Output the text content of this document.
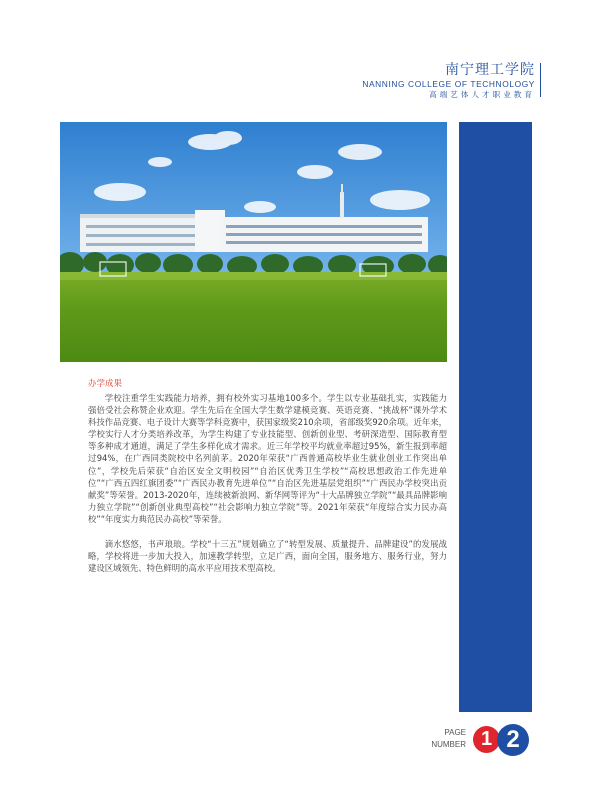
南宁理工学院
NANNING COLLEGE OF TECHNOLOGY
高端艺体人才职业教育
办学成果

学校注重学生实践能力培养，拥有校外实习基地100多个。学生以专业基础扎实，实践能力强倍受社会称赞企业欢迎。学生先后在全国大学生数学建模竞赛、英语竞赛、“挑战杯”课外学术科技作品竞赛、电子设计大赛等学科竞赛中，获国家级奖210余项，省部级奖920余项。近年来，学校实行人才分类培养改革，为学生构建了专业技能型、创新创业型、考研深造型、国际教育型等多种成才通道，满足了学生多样化成才需求。近三年学校平均就业率超过95%，新生报到率超过94%，在广西同类院校中名列前茅。2020年荣获“广西普通高校毕业生就业创业工作突出单位”，学校先后荣获“自治区安全文明校园”“自治区优秀卫生学校”“高校思想政治工作先进单位”“广西五四红旗团委”“广西民办教育先进单位”“自治区先进基层党组织”“广西民办学校突出贡献奖”等荣誉。2013-2020年，连续被新浪网、新华网等评为“十大品牌独立学院”“最具品牌影响力独立学院”“创新创业典型高校”“社会影响力独立学院”等。2021年荣获“年度综合实力民办高校”“年度实力典范民办高校”等荣誉。

滴水悠悠，书声琅琅。学校“十三五”规划确立了“转型发展、质量提升、品牌建设”的发展战略，学校将进一步加大投入，加速教学转型，立足广西，面向全国，服务地方、服务行业，努力建设区域领先、特色鲜明的高水平应用技术型高校。

PAGE
NUMBER 1 2
